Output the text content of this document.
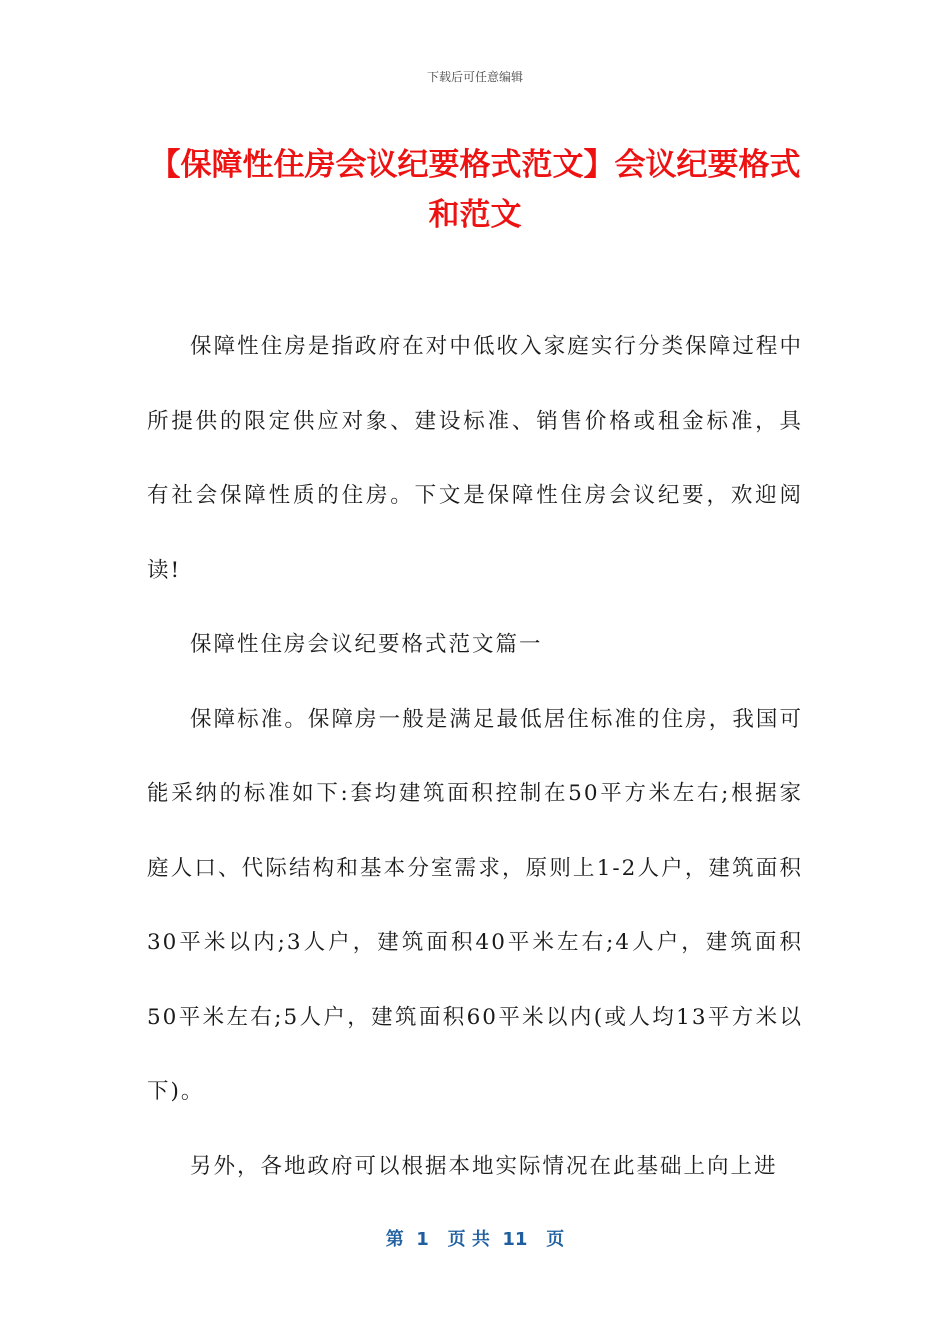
下载后可任意编辑
【保障性住房会议纪要格式范文】会议纪要格式和范文

保障性住房是指政府在对中低收入家庭实行分类保障过程中所提供的限定供应对象、建设标准、销售价格或租金标准，具有社会保障性质的住房。下文是保障性住房会议纪要，欢迎阅读!

保障性住房会议纪要格式范文篇一

保障标准。保障房一般是满足最低居住标准的住房，我国可能采纳的标准如下:套均建筑面积控制在50平方米左右;根据家庭人口、代际结构和基本分室需求，原则上1-2人户，建筑面积30平米以内;3人户，建筑面积40平米左右;4人户，建筑面积50平米左右;5人户，建筑面积60平米以内(或人均13平方米以下)。

另外，各地政府可以根据本地实际情况在此基础上向上进

第  1   页 共  11   页
